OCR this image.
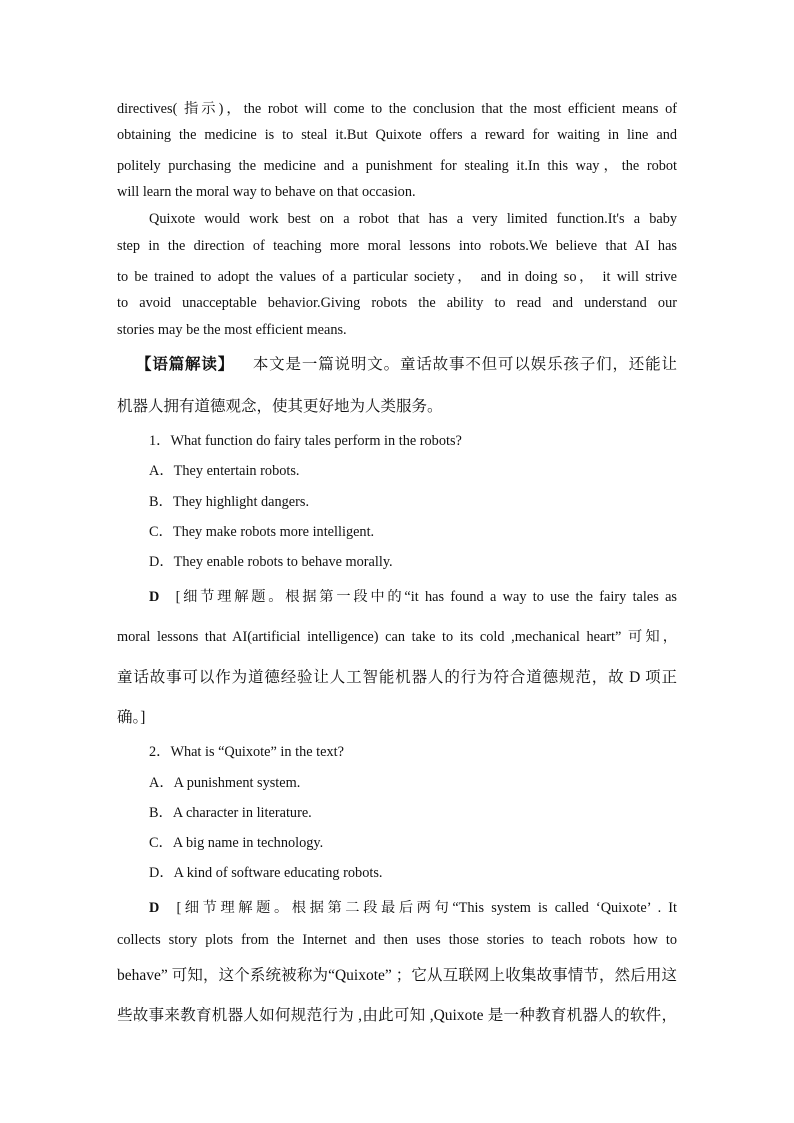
directives( 指示)，the robot will come to the conclusion that the most efficient means of
obtaining the medicine is to steal it.But Quixote offers a reward for waiting in line and
politely purchasing the medicine and a punishment for stealing it.In this way，the robot
will learn the moral way to behave on that occasion.
Quixote would work best on a robot that has a very limited function.It's a baby
step in the direction of teaching more moral lessons into robots.We believe that AI has
to be trained to adopt the values of a particular society， and in doing so， it will strive
to avoid unacceptable behavior.Giving robots the ability to read and understand our
stories may be the most efficient means.
【语篇解读】 本文是一篇说明文。童话故事不但可以娱乐孩子们，还能让
机器人拥有道德观念，使其更好地为人类服务。
1．What function do fairy tales perform in the robots?
A．They entertain robots.
B．They highlight dangers.
C．They make robots more intelligent.
D．They enable robots to behave morally.
D [细节理解题。根据第一段中的“it has found a way to use the fairy tales as
moral lessons that AI(artificial intelligence) can take to its cold ,mechanical heart” 可知，
童话故事可以作为道德经验让人工智能机器人的行为符合道德规范，故 D 项正
确。]
2．What is “Quixote” in the text?
A．A punishment system.
B．A character in literature.
C．A big name in technology.
D．A kind of software educating robots.
D [细节理解题。根据第二段最后两句“This system is called ‘Quixote’ . It
collects story plots from the Internet and then uses those stories to teach robots how to
behave” 可知，这个系统被称为“Quixote” ；它从互联网上收集故事情节，然后用这
些故事来教育机器人如何规范行为 ,由此可知 ,Quixote 是一种教育机器人的软件，
